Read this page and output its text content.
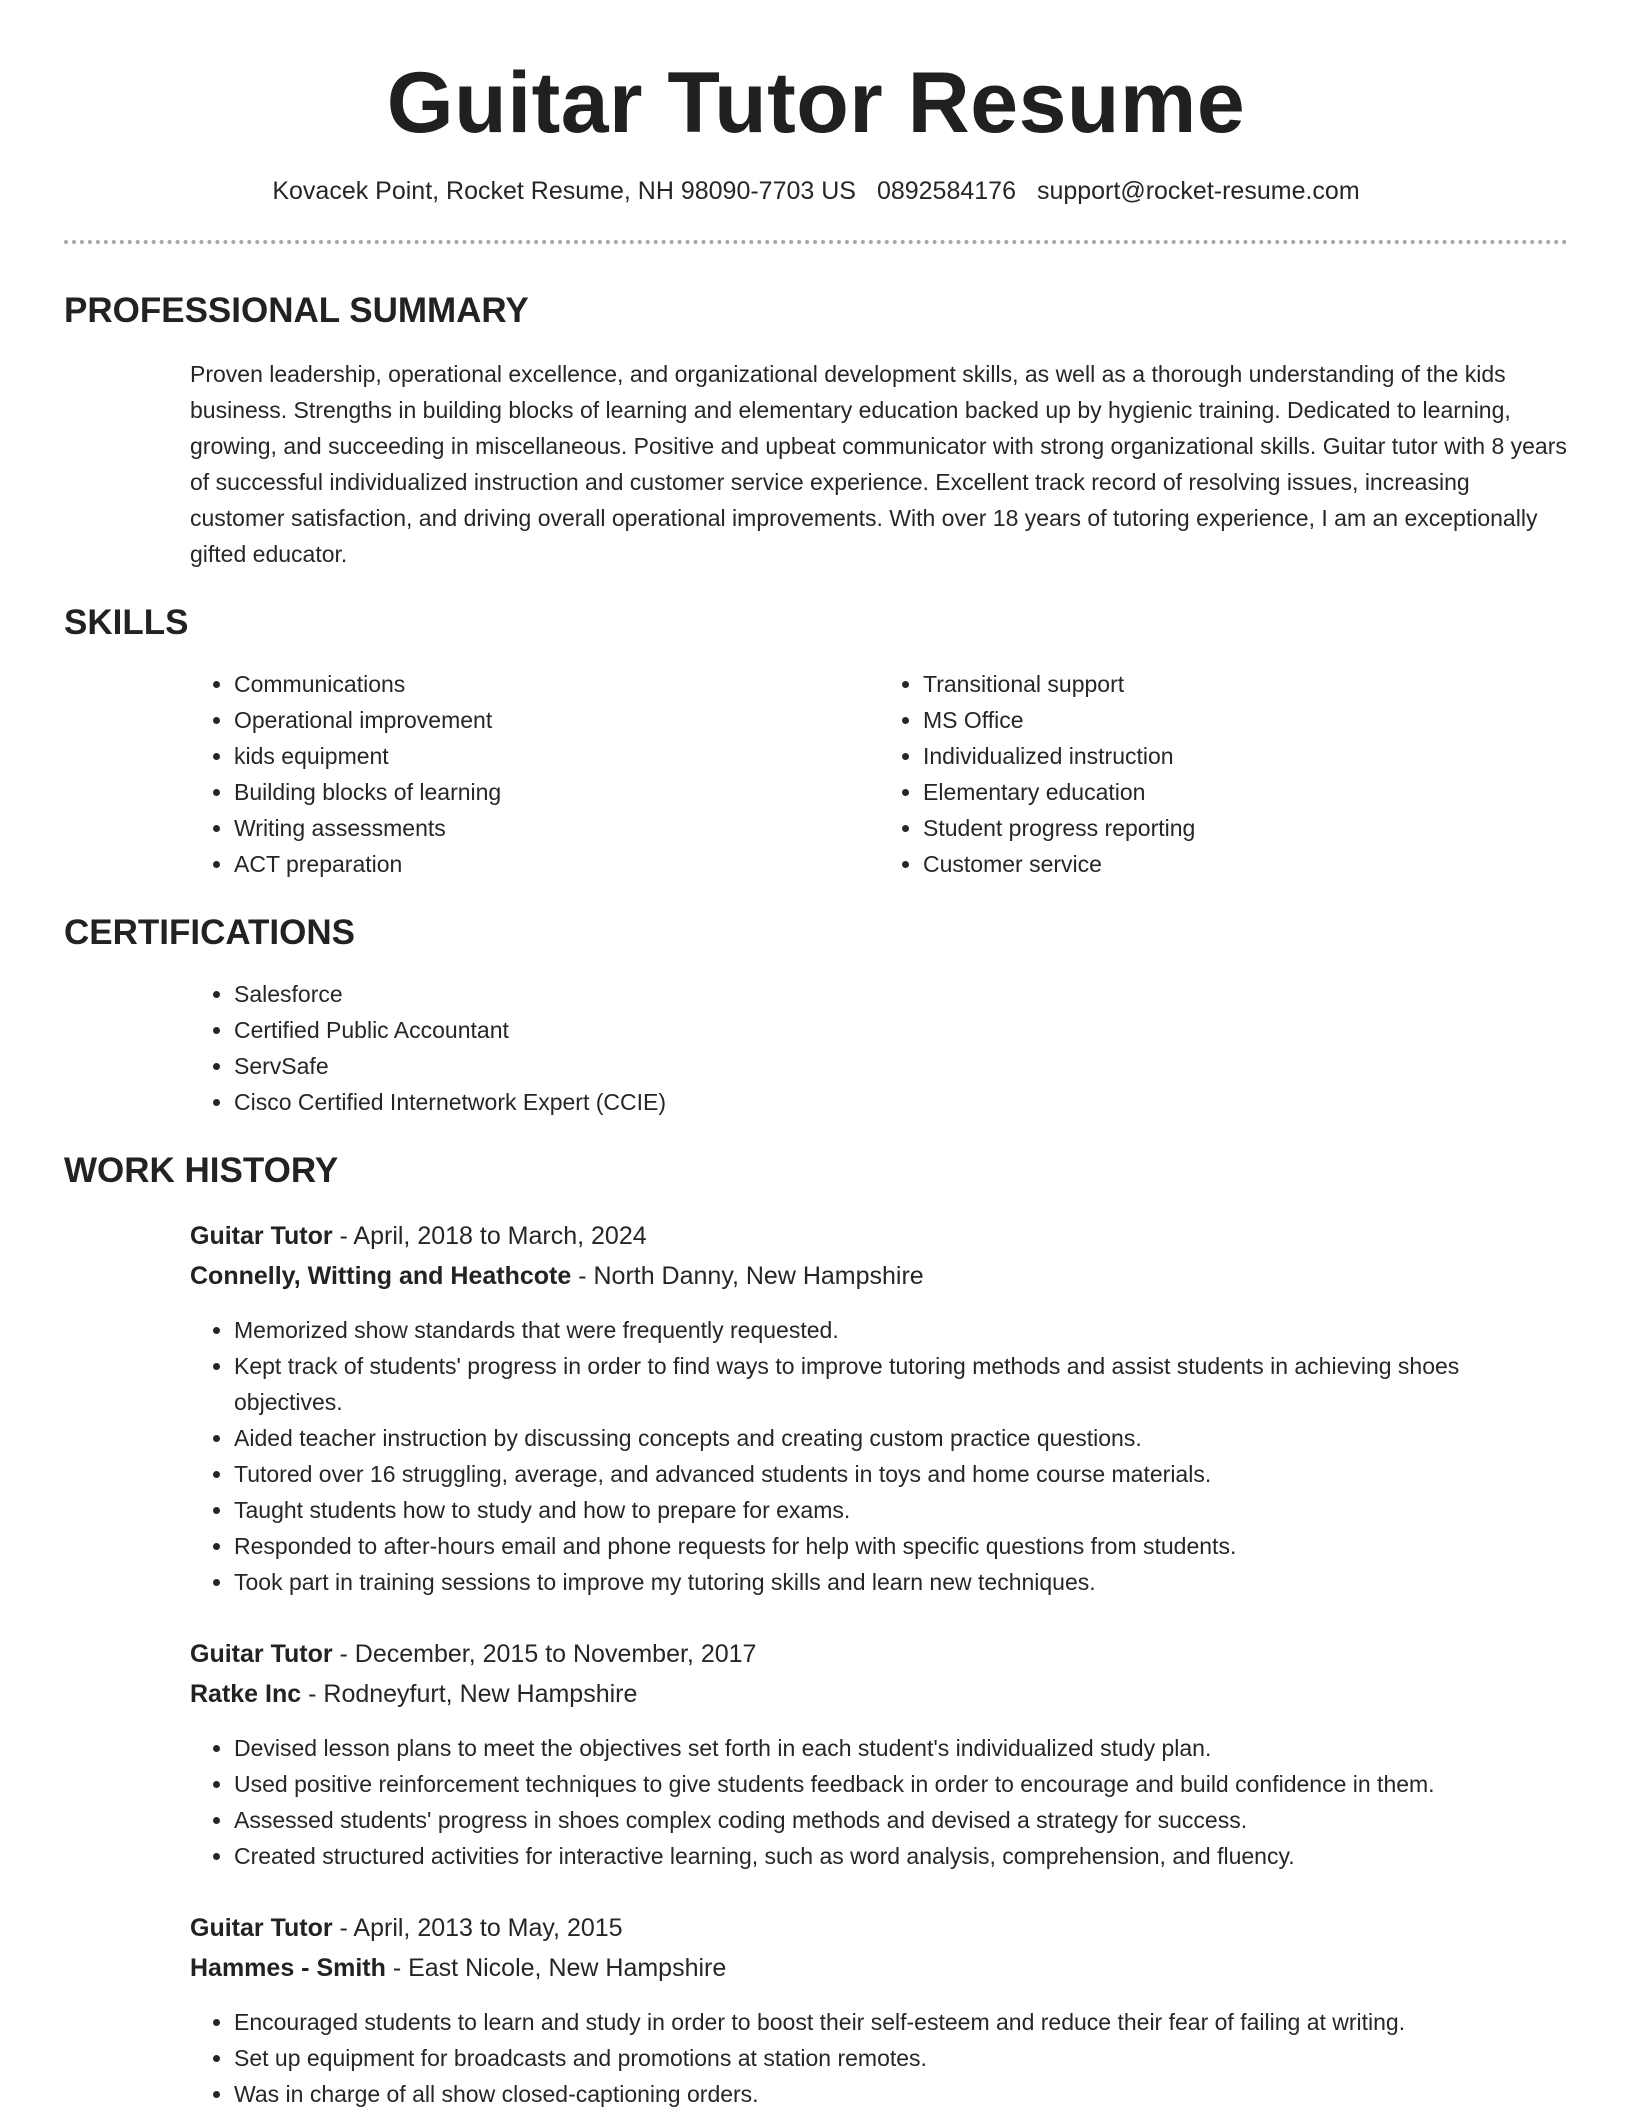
Guitar Tutor Resume
Kovacek Point, Rocket Resume, NH 98090-7703 US 0892584176 support@rocket-resume.com
PROFESSIONAL SUMMARY

Proven leadership, operational excellence, and organizational development skills, as well as a thorough understanding of the kids business. Strengths in building blocks of learning and elementary education backed up by hygienic training. Dedicated to learning, growing, and succeeding in miscellaneous. Positive and upbeat communicator with strong organizational skills. Guitar tutor with 8 years of successful individualized instruction and customer service experience. Excellent track record of resolving issues, increasing customer satisfaction, and driving overall operational improvements. With over 18 years of tutoring experience, I am an exceptionally gifted educator.

SKILLS
• Communications
• Operational improvement
• kids equipment
• Building blocks of learning
• Writing assessments
• ACT preparation
• Transitional support
• MS Office
• Individualized instruction
• Elementary education
• Student progress reporting
• Customer service
CERTIFICATIONS
• Salesforce
• Certified Public Accountant
• ServSafe
• Cisco Certified Internetwork Expert (CCIE)
WORK HISTORY
Guitar Tutor - April, 2018 to March, 2024
Connelly, Witting and Heathcote - North Danny, New Hampshire
• Memorized show standards that were frequently requested.
• Kept track of students' progress in order to find ways to improve tutoring methods and assist students in achieving shoes objectives.
• Aided teacher instruction by discussing concepts and creating custom practice questions.
• Tutored over 16 struggling, average, and advanced students in toys and home course materials.
• Taught students how to study and how to prepare for exams.
• Responded to after-hours email and phone requests for help with specific questions from students.
• Took part in training sessions to improve my tutoring skills and learn new techniques.
Guitar Tutor - December, 2015 to November, 2017
Ratke Inc - Rodneyfurt, New Hampshire
• Devised lesson plans to meet the objectives set forth in each student's individualized study plan.
• Used positive reinforcement techniques to give students feedback in order to encourage and build confidence in them.
• Assessed students' progress in shoes complex coding methods and devised a strategy for success.
• Created structured activities for interactive learning, such as word analysis, comprehension, and fluency.
Guitar Tutor - April, 2013 to May, 2015
Hammes - Smith - East Nicole, New Hampshire
• Encouraged students to learn and study in order to boost their self-esteem and reduce their fear of failing at writing.
• Set up equipment for broadcasts and promotions at station remotes.
• Was in charge of all show closed-captioning orders.
